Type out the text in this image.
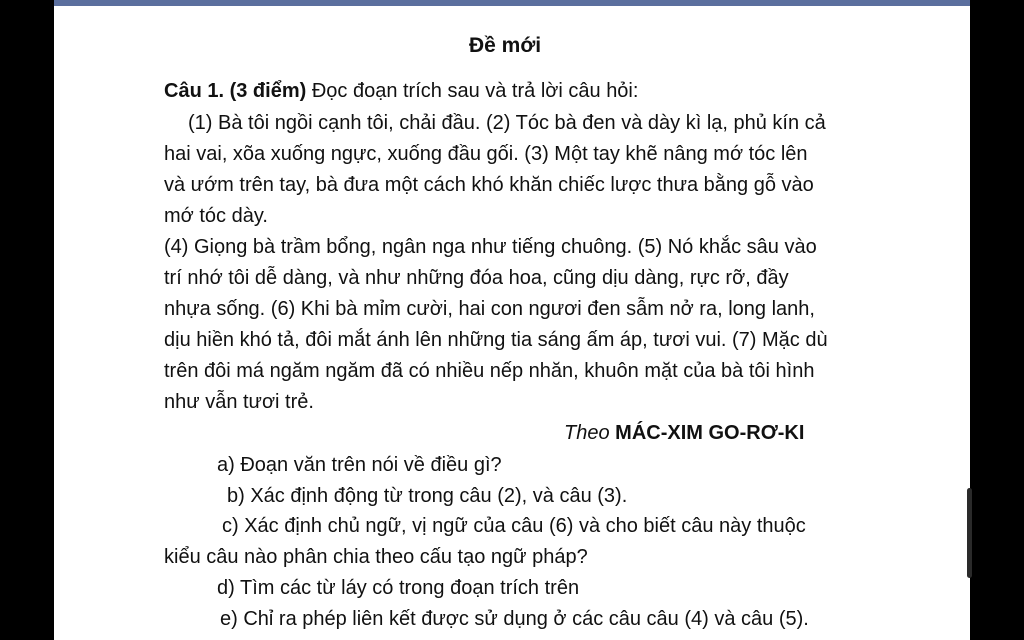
Đề mới
Câu 1. (3 điểm) Đọc đoạn trích sau và trả lời câu hỏi:
(1) Bà tôi ngồi cạnh tôi, chải đầu. (2) Tóc bà đen và dày kì lạ, phủ kín cả
hai vai, xõa xuống ngực, xuống đầu gối. (3) Một tay khẽ nâng mớ tóc lên
và ướm trên tay, bà đưa một cách khó khăn chiếc lược thưa bằng gỗ vào
mớ tóc dày.
(4) Giọng bà trầm bổng, ngân nga như tiếng chuông. (5) Nó khắc sâu vào
trí nhớ tôi dễ dàng, và như những đóa hoa, cũng dịu dàng, rực rỡ, đầy
nhựa sống. (6) Khi bà mỉm cười, hai con ngươi đen sẫm nở ra, long lanh,
dịu hiền khó tả, đôi mắt ánh lên những tia sáng ấm áp, tươi vui. (7) Mặc dù
trên đôi má ngăm ngăm đã có nhiều nếp nhăn, khuôn mặt của bà tôi hình
như vẫn tươi trẻ.
Theo MÁC-XIM GO-RƠ-KI
a) Đoạn văn trên nói về điều gì?
b) Xác định động từ trong câu (2), và câu (3).
c) Xác định chủ ngữ, vị ngữ của câu (6) và cho biết câu này thuộc
kiểu câu nào phân chia theo cấu tạo ngữ pháp?
d) Tìm các từ láy có trong đoạn trích trên
e) Chỉ ra phép liên kết được sử dụng ở các câu câu (4) và câu (5).
